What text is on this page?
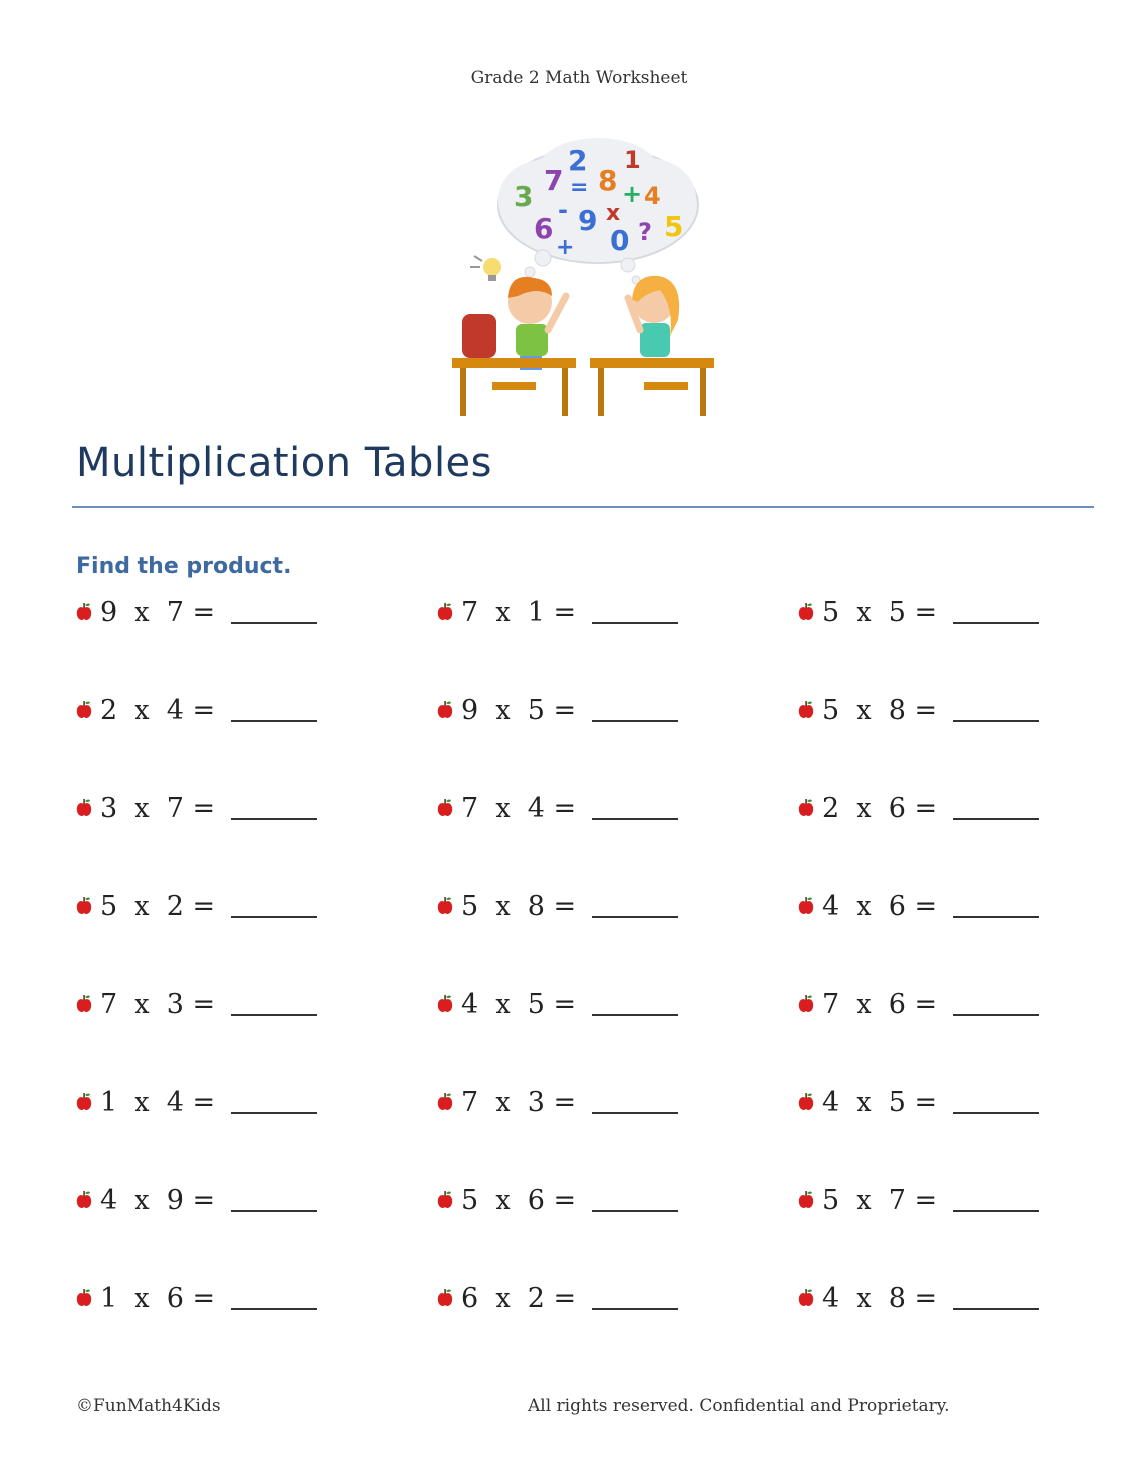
Grade 2 Math Worksheet
3 7
2
= 8
1
+ 4
6
- 9 x
0 ? 5
+
Multiplication Tables
Find the product.
9  x  7 =	7  x  1 =	5  x  5 =
2  x  4 =	9  x  5 =	5  x  8 =
3  x  7 =	7  x  4 =	2  x  6 =
5  x  2 =	5  x  8 =	4  x  6 =
7  x  3 =	4  x  5 =	7  x  6 =
1  x  4 =	7  x  3 =	4  x  5 =
4  x  9 =	5  x  6 =	5  x  7 =
1  x  6 =	6  x  2 =	4  x  8 =
©FunMath4Kids	All rights reserved. Confidential and Proprietary.
